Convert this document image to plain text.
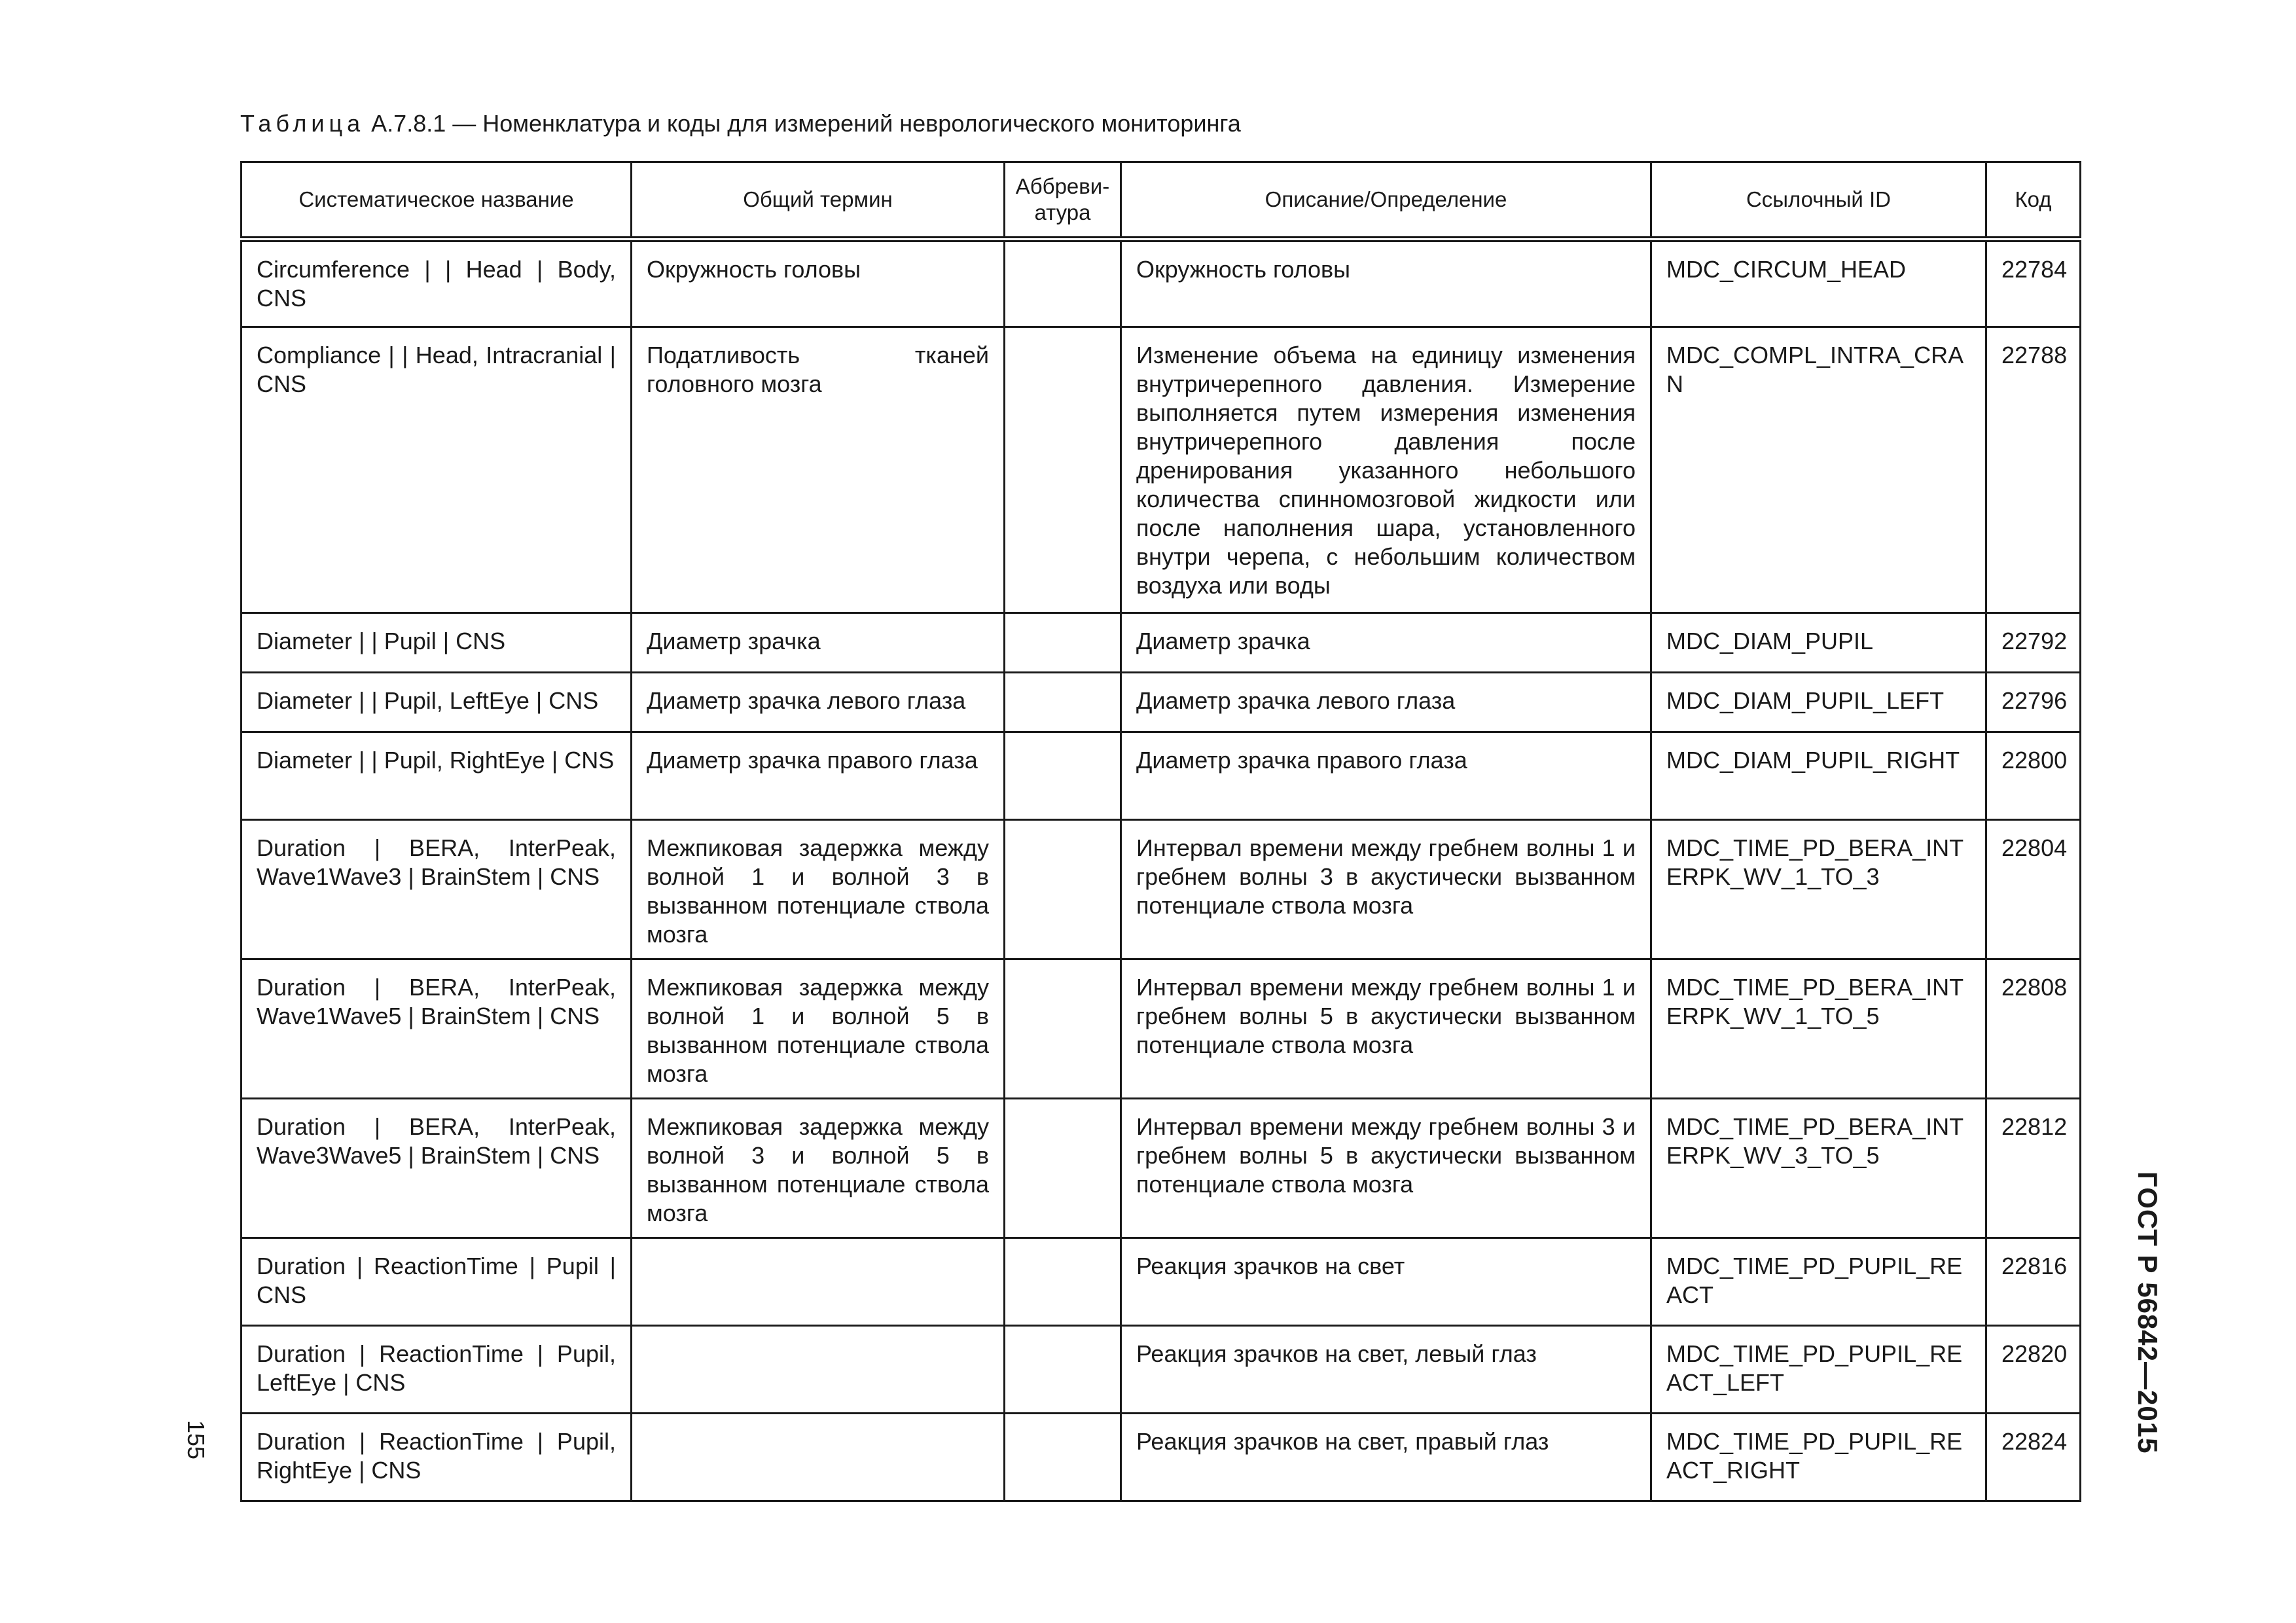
Таблица А.7.8.1 — Номенклатура и коды для измерений неврологического мониторинга
Систематическое название	Общий термин	Аббреви-атура	Описание/Определение	Ссылочный ID	Код
Circumference | | Head | Body, CNS	Окружность головы		Окружность головы	MDC_CIRCUM_HEAD	22784
Compliance | | Head, Intracranial | CNS	Податливость тканей головного мозга		Изменение объема на единицу изменения внутричерепного давления. Измерение выполняется путем измерения изменения внутричерепного давления после дренирования указанного небольшого количества спинномозговой жидкости или после наполнения шара, установленного внутри черепа, с небольшим количеством воздуха или воды	MDC_COMPL_INTRA_CRAN	22788
Diameter | | Pupil | CNS	Диаметр зрачка		Диаметр зрачка	MDC_DIAM_PUPIL	22792
Diameter | | Pupil, LeftEye | CNS	Диаметр зрачка левого глаза		Диаметр зрачка левого глаза	MDC_DIAM_PUPIL_LEFT	22796
Diameter | | Pupil, RightEye | CNS	Диаметр зрачка правого глаза		Диаметр зрачка правого глаза	MDC_DIAM_PUPIL_RIGHT	22800
Duration | BERA, InterPeak, Wave1Wave3 | BrainStem | CNS	Межпиковая задержка между волной 1 и волной 3 в вызванном потенциале ствола мозга		Интервал времени между гребнем волны 1 и гребнем волны 3 в акустически вызванном потенциале ствола мозга	MDC_TIME_PD_BERA_INTERPK_WV_1_TO_3	22804
Duration | BERA, InterPeak, Wave1Wave5 | BrainStem | CNS	Межпиковая задержка между волной 1 и волной 5 в вызванном потенциале ствола мозга		Интервал времени между гребнем волны 1 и гребнем волны 5 в акустически вызванном потенциале ствола мозга	MDC_TIME_PD_BERA_INTERPK_WV_1_TO_5	22808
Duration | BERA, InterPeak, Wave3Wave5 | BrainStem | CNS	Межпиковая задержка между волной 3 и волной 5 в вызванном потенциале ствола мозга		Интервал времени между гребнем волны 3 и гребнем волны 5 в акустически вызванном потенциале ствола мозга	MDC_TIME_PD_BERA_INTERPK_WV_3_TO_5	22812
Duration | ReactionTime | Pupil | CNS			Реакция зрачков на свет	MDC_TIME_PD_PUPIL_REACT	22816
Duration | ReactionTime | Pupil, LeftEye | CNS			Реакция зрачков на свет, левый глаз	MDC_TIME_PD_PUPIL_REACT_LEFT	22820
Duration | ReactionTime | Pupil, RightEye | CNS			Реакция зрачков на свет, правый глаз	MDC_TIME_PD_PUPIL_REACT_RIGHT	22824
155	ГОСТ Р 56842—2015
